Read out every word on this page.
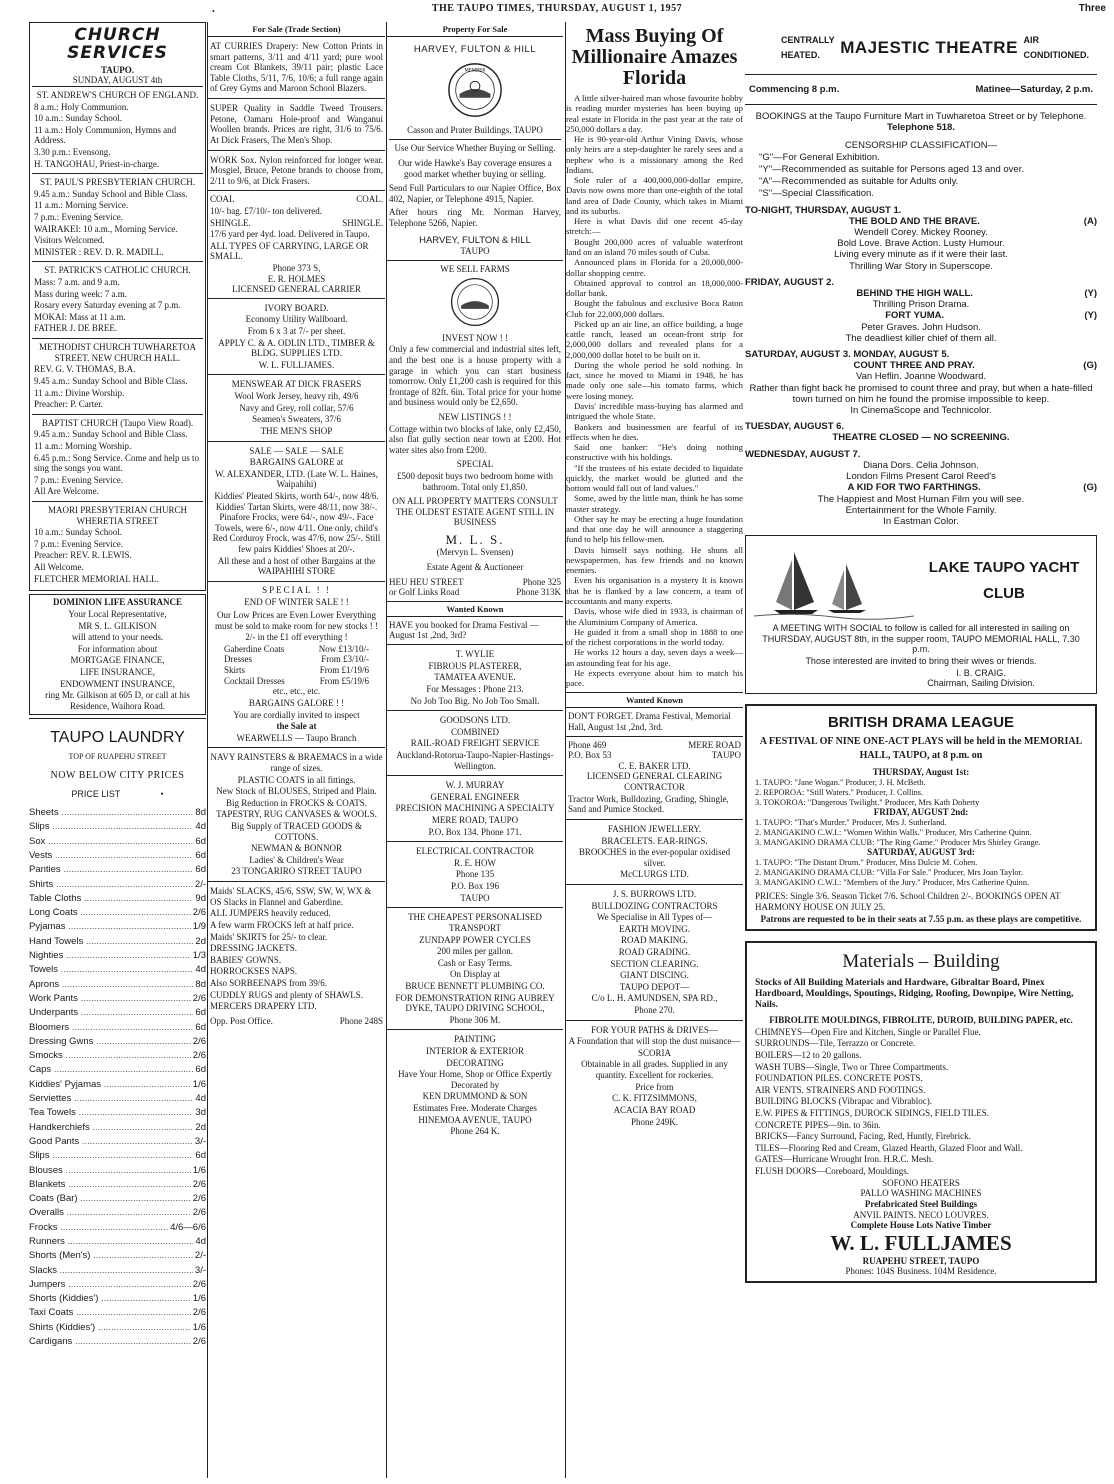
•	THE TAUPO TIMES, THURSDAY, AUGUST 1, 1957	Three
CHURCH SERVICES
TAUPO.
SUNDAY, AUGUST 4th
ST. ANDREW'S CHURCH OF ENGLAND.

8 a.m.: Holy Communion.

10 a.m.: Sunday School.

11 a.m.: Holy Communion, Hymns and Address.

3.30 p.m.: Evensong.

H. TANGOHAU, Priest-in-charge.

ST. PAUL'S PRESBYTERIAN CHURCH.

9.45 a.m.: Sunday School and Bible Class.

11 a.m.: Morning Service.

7 p.m.: Evening Service.

WAIRAKEI: 10 a.m., Morning Service.

Visitors Welcomed.

MINISTER : REV. D. R. MADILL.

ST. PATRICK'S CATHOLIC CHURCH.

Mass: 7 a.m. and 9 a.m.

Mass during week: 7 a.m.

Rosary every Saturday evening at 7 p.m.

MOKAI: Mass at 11 a.m.

FATHER J. DE BREE.

METHODIST CHURCH TUWHARETOA STREET. NEW CHURCH HALL.

REV. G. V. THOMAS, B.A.

9.45 a.m.: Sunday School and Bible Class.

11 a.m.: Divine Worship.

Preacher: P. Carter.

BAPTIST CHURCH (Taupo View Road).

9.45 a.m.: Sunday School and Bible Class.

11 a.m.: Morning Worship.

6.45 p.m.: Song Service. Come and help us to sing the songs you want.

7 p.m.: Evening Service.

All Are Welcome.

MAORI PRESBYTERIAN CHURCH WHERETIA STREET

10 a.m.: Sunday School.

7 p.m.: Evening Service.

Preacher: REV. R. LEWIS.

All Welcome.

FLETCHER MEMORIAL HALL.

DOMINION LIFE ASSURANCE

Your Local Representative,

MR S. L. GILKISON

will attend to your needs.

For information about

MORTGAGE FINANCE,

LIFE INSURANCE,

ENDOWMENT INSURANCE,

ring Mr. Gilkison at 605 D, or call at his Residence, Waihora Road.

TAUPO LAUNDRY
TOP OF RUAPEHU STREET
NOW BELOW CITY PRICES
PRICE LIST	•
Sheets .....	8d
Slips .....	4d
Sox .....	6d
Vests .....	6d
Panties .....	6d
Shirts .....	2/-
Table Cloths .....	9d
Long Coats .....	2/6
Pyjamas .....	1/9
Hand Towels .....	2d
Nighties .....	1/3
Towels .....	4d
Aprons .....	8d
Work Pants .....	2/6
Underpants .....	6d
Bloomers .....	6d
Dressing Gwns .....	2/6
Smocks .....	2/6
Caps .....	6d
Kiddies' Pyjamas .....	1/6
Serviettes .....	4d
Tea Towels .....	3d
Handkerchiefs .....	2d
Good Pants .....	3/-
Slips .....	6d
Blouses .....	1/6
Blankets .....	2/6
Coats (Bar) .....	2/6
Overalls .....	2/6
Frocks .....	4/6—6/6
Runners .....	4d
Shorts (Men's) .....	2/-
Slacks .....	3/-
Jumpers .....	2/6
Shorts (Kiddies') .....	1/6
Taxi Coats .....	2/6
Shirts (Kiddies') .....	1/6
Cardigans .....	2/6
For Sale (Trade Section)

AT CURRIES Drapery: New Cotton Prints in smart patterns, 3/11 and 4/11 yard; pure wool cream Cot Blankets, 39/11 pair; plastic Lace Table Cloths, 5/11, 7/6, 10/6; a full range again of Grey Gyms and Maroon School Blazers.

SUPER Quality in Saddle Tweed Trousers. Petone, Oamaru Hole-proof and Wanganui Woollen brands. Prices are right, 31/6 to 75/6. At Dick Frasers, The Men's Shop.

WORK Sox. Nylon reinforced for longer wear. Mosgiel, Bruce, Petone brands to choose from, 2/11 to 9/6, at Dick Frasers.

COAL	COAL.

10/- bag. £7/10/- ton delivered.

SHINGLE.	SHINGLE.

17/6 yard per 4yd. load. Delivered in Taupo.

ALL TYPES OF CARRYING, LARGE OR SMALL.

Phone 373 S,
E. R. HOLMES
LICENSED GENERAL CARRIER

IVORY BOARD.

Economy Utility Wallboard.

From 6 x 3 at 7/- per sheet.

APPLY C. & A. ODLIN LTD., TIMBER & BLDG. SUPPLIES LTD.

W. L. FULLJAMES.

MENSWEAR AT DICK FRASERS

Wool Work Jersey, heavy rib, 49/6

Navy and Grey, roll collar, 57/6

Seamen's Sweaters, 37/6

THE MEN'S SHOP

SALE — SALE — SALE

BARGAINS GALORE at

W. ALEXANDER, LTD. (Late W. L. Haines, Waipahihi)

Kiddies' Pleated Skirts, worth 64/-, now 48/6. Kiddies' Tartan Skirts, were 48/11, now 38/-. Pinafore Frocks, were 64/-, now 49/-. Face Towels, were 6/-, now 4/11. One only, child's Red Corduroy Frock, was 47/6, now 25/-. Still few pairs Kiddies' Shoes at 20/-.

All these and a host of other Bargains at the WAIPAHIHI STORE

SPECIAL ! !
END OF WINTER SALE ! !

Our Low Prices are Even Lower Everything must be sold to make room for new stocks ! !

2/- in the £1 off everything !

Gaberdine Coats	Now £13/10/-
Dresses	From £3/10/-
Skirts	From £1/19/6
Cocktail Dresses	From £5/19/6
etc., etc., etc.

BARGAINS GALORE ! !

You are cordially invited to inspect

the Sale at

WEARWELLS — Taupo Branch

NAVY RAINSTERS & BRAEMACS in a wide range of sizes.

PLASTIC COATS in all fittings.

New Stock of BLOUSES, Striped and Plain.

Big Reduction in FROCKS & COATS.

TAPESTRY, RUG CANVASES & WOOLS.

Big Supply of TRACED GOODS & COTTONS.

NEWMAN & BONNOR

Ladies' & Children's Wear

23 TONGARIRO STREET TAUPO

Maids' SLACKS, 45/6, SSW, SW, W, WX & OS Slacks in Flannel and Gaberdine.

ALL JUMPERS heavily reduced.

A few warm FROCKS left at half price.

Maids' SKIRTS for 25/- to clear.

DRESSING JACKETS.

BABIES' GOWNS.

HORROCKSES NAPS.

Also SORBEENAPS from 39/6.

CUDDLY RUGS and plenty of SHAWLS.

MERCERS DRAPERY LTD.

Opp. Post Office.	Phone 248S
Property For Sale
HARVEY, FULTON & HILL
MEMBER

Casson and Prater Buildings, TAUPO

Use Our Service Whether Buying or Selling.

Our wide Hawke's Bay coverage ensures a good market whether buying or selling.

Send Full Particulars to our Napier Office, Box 402, Napier, or Telephone 4915, Napier.

After hours ring Mr. Norman Harvey, Telephone 5266, Napier.

HARVEY, FULTON & HILL
TAUPO
WE SELL FARMS
INVEST NOW ! !

Only a few commercial and industrial sites left, and the best one is a house property with a garage in which you can start business tomorrow. Only £1,200 cash is required for this frontage of 82ft. 6in. Total price for your home and business would only be £2,650.

NEW LISTINGS ! !

Cottage within two blocks of lake, only £2,450, also flat gully section near town at £200. Hot water sites also from £200.

SPECIAL

£500 deposit buys two bedroom home with bathroom. Total only £1,850.

ON ALL PROPERTY MATTERS CONSULT THE OLDEST ESTATE AGENT STILL IN BUSINESS

M. L. S.
(Mervyn L. Svensen)
Estate Agent & Auctioneer
HEU HEU STREET	Phone 325
or Golf Links Road	Phone 313K
Wanted Known

HAVE you booked for Drama Festival — August 1st ,2nd, 3rd?

T. WYLIE

FIBROUS PLASTERER,

TAMATEA AVENUE.

For Messages : Phone 213.

No Job Too Big. No Job Too Small.

GOODSONS LTD.

COMBINED

RAIL-ROAD FREIGHT SERVICE

Auckland-Rotorua-Taupo-Napier-Hastings-Wellington.

W. J. MURRAY

GENERAL ENGINEER

PRECISION MACHINING A SPECIALTY

MERE ROAD, TAUPO

P.O. Box 134. Phone 171.

ELECTRICAL CONTRACTOR

R. E. HOW

Phone 135

P.O. Box 196

TAUPO

THE CHEAPEST PERSONALISED TRANSPORT

ZUNDAPP POWER CYCLES

200 miles per gallon.

Cash or Easy Terms.

On Display at

BRUCE BENNETT PLUMBING CO.

FOR DEMONSTRATION RING AUBREY DYKE, TAUPO DRIVING SCHOOL,

Phone 306 M.

PAINTING

INTERIOR & EXTERIOR

DECORATING

Have Your Home, Shop or Office Expertly Decorated by

KEN DRUMMOND & SON

Estimates Free. Moderate Charges

HINEMOA AVENUE, TAUPO

Phone 264 K.

Mass Buying Of Millionaire Amazes Florida

A little silver-haired man whose favourite hobby is reading murder mysteries has been buying up real estate in Florida in the past year at the rate of 250,000 dollars a day.

He is 90-year-old Arthur Vining Davis, whose only heirs are a step-daughter he rarely sees and a nephew who is a missionary among the Red Indians.

Sole ruler of a 400,000,000-dollar empire, Davis now owns more than one-eighth of the total land area of Dade County, which takes in Miami and its suburbs.

Here is what Davis did one recent 45-day stretch:—

Bought 200,000 acres of valuable waterfront land on an island 70 miles south of Cuba.

Announced plans in Florida for a 20,000,000-dollar shopping centre.

Obtained approval to control an 18,000,000-dollar bank.

Bought the fabulous and exclusive Boca Raton Club for 22,000,000 dollars.

Picked up an air line, an office building, a huge cattle ranch, leased an ocean-front strip for 2,000,000 dollars and revealed plans for a 2,000,000 dollar hotel to be built on it.

During the whole period he sold nothing. In fact, since he moved to Miami in 1948, he has made only one sale—his tomato farms, which were losing money.

Davis' incredible mass-buying has alarmed and intrigued the whole State.

Bankers and businessmen are fearful of its effects when he dies.

Said one banker: "He's doing nothing constructive with his holdings.

"If the trustees of his estate decided to liquidate quickly, the market would be glutted and the bottom would fall out of land values."

Some, awed by the little man, think he has some master strategy.

Other say he may be erecting a huge foundation and that one day he will announce a staggering fund to help his fellow-men.

Davis himself says nothing. He shuns all newspapermen, has few friends and no known enemies.

Even his organisation is a mystery It is known that he is flanked by a law concern, a team of accountants and many experts.

Davis, whose wife died in 1933, is chairman of the Aluminium Company of America.

He guided it from a small shop in 1888 to one of the richest corporations in the world today.

He works 12 hours a day, seven days a week—an astounding feat for his age.

He expects everyone about him to match his pace.

Wanted Known

DON'T FORGET. Drama Festival, Memorial Hall, August 1st ,2nd, 3rd.

Phone 469	MERE ROAD
P.O. Box 53	TAUPO
C. E. BAKER LTD.
LICENSED GENERAL CLEARING CONTRACTOR

Tractor Work, Bulldozing, Grading, Shingle, Sand and Pumice Stocked.

FASHION JEWELLERY.

BRACELETS. EAR-RINGS.

BROOCHES in the ever-popular oxidised silver.

McCLURGS LTD.

J. S. BURROWS LTD.

BULLDOZING CONTRACTORS

We Specialise in All Types of—

EARTH MOVING.

ROAD MAKING.

ROAD GRADING.

SECTION CLEARING.

GIANT DISCING.

TAUPO DEPOT—

C/o L. H. AMUNDSEN, SPA RD.,

Phone 270.

FOR YOUR PATHS & DRIVES—

A Foundation that will stop the dust nuisance—

SCORIA

Obtainable in all grades. Supplied in any quantity. Excellent for rockeries.

Price from

C. K. FITZSIMMONS,

ACACIA BAY ROAD

Phone 249K.

CENTRALLY
HEATED.	MAJESTIC THEATRE AIR
CONDITIONED.
Commencing 8 p.m.	Matinee—Saturday, 2 p.m.
BOOKINGS at the Taupo Furniture Mart in Tuwharetoa Street or by Telephone. Telephone 518.
CENSORSHIP CLASSIFICATION—

"G"—For General Exhibition.

"Y"—Recommended as suitable for Persons aged 13 and over.

"A"—Recommended as suitable for Adults only.

"S"—Special Classification.

TO-NIGHT, THURSDAY, AUGUST 1.
THE BOLD AND THE BRAVE.	(A)
Wendell Corey. Mickey Rooney.
Bold Love. Brave Action. Lusty Humour.
Living every minute as if it were their last.
Thrilling War Story in Superscope.
FRIDAY, AUGUST 2.
BEHIND THE HIGH WALL.	(Y)
Thrilling Prison Drama.
FORT YUMA.	(Y)
Peter Graves. John Hudson.
The deadliest killer chief of them all.
SATURDAY, AUGUST 3. MONDAY, AUGUST 5.
COUNT THREE AND PRAY.	(G)
Van Heflin. Joanne Woodward.
Rather than fight back he promised to count three and pray, but when a hate-filled town turned on him he found the promise impossible to keep.
In CinemaScope and Technicolor.
TUESDAY, AUGUST 6.
THEATRE CLOSED — NO SCREENING.
WEDNESDAY, AUGUST 7.
Diana Dors. Celia Johnson.
London Films Present Carol Reed's
A KID FOR TWO FARTHINGS.	(G)
The Happiest and Most Human Film you will see.
Entertainment for the Whole Family.
In Eastman Color.
LAKE TAUPO YACHT
CLUB

A MEETING WITH SOCIAL to follow is called for all interested in sailing on THURSDAY, AUGUST 8th, in the supper room, TAUPO MEMORIAL HALL, 7.30 p.m.

Those interested are invited to bring their wives or friends.

I. B. CRAIG.
Chairman, Sailing Division.
BRITISH DRAMA LEAGUE

A FESTIVAL OF NINE ONE-ACT PLAYS will be held in the MEMORIAL HALL, TAUPO, at 8 p.m. on

THURSDAY, August 1st:
1. TAUPO: "Jane Wogan." Producer, J. H. McBeth.
2. REPOROA: "Still Waters." Producer, J. Collins.
3. TOKOROA: "Dangerous Twilight." Producer, Mrs Kath Doherty
FRIDAY, AUGUST 2nd:
1. TAUPO: "That's Murder." Producer, Mrs J. Sutherland.
2. MANGAKINO C.W.I.: "Women Within Walls." Producer, Mrs Catherine Quinn.
3. MANGAKINO DRAMA CLUB: "The Ring Game." Producer Mrs Shirley Grange.
SATURDAY, AUGUST 3rd:
1. TAUPO: "The Distant Drum." Producer, Miss Dulcie M. Cohen.
2. MANGAKINO DRAMA CLUB: "Villa For Sale." Producer, Mrs Joan Taylor.
3. MANGAKINO C.W.I.: "Members of the Jury." Producer, Mrs Catherine Quinn.

PRICES: Single 3/6. Season Ticket 7/6. School Children 2/-. BOOKINGS OPEN AT HARMONY HOUSE ON JULY 25.

Patrons are requested to be in their seats at 7.55 p.m. as these plays are competitive.

Materials – Building

Stocks of All Building Materials and Hardware, Gibraltar Board, Pinex Hardboard, Mouldings, Spoutings, Ridging, Roofing, Downpipe, Wire Netting, Nails.

FIBROLITE MOULDINGS, FIBROLITE, DUROID, BUILDING PAPER, etc.

CHIMNEYS—Open Fire and Kitchen, Single or Parallel Flue.

SURROUNDS—Tile, Terrazzo or Concrete.

BOILERS—12 to 20 gallons.

WASH TUBS—Single, Two or Three Compartments.

FOUNDATION PILES. CONCRETE POSTS.

AIR VENTS. STRAINERS AND FOOTINGS.

BUILDING BLOCKS (Vibrapac and Vibrabloc).

E.W. PIPES & FITTINGS, DUROCK SIDINGS, FIELD TILES.

CONCRETE PIPES—9in. to 36in.

BRICKS—Fancy Surround, Facing, Red, Huntly, Firebrick.

TILES—Flooring Red and Cream, Glazed Hearth, Glazed Floor and Wall.

GATES—Hurricane Wrought Iron. H.R.C. Mesh.

FLUSH DOORS—Coreboard, Mouldings.

SOFONO HEATERS
PALLO WASHING MACHINES
Prefabricated Steel Buildings
ANVIL PAINTS. NECO LOUVRES.
Complete House Lots Native Timber
W. L. FULLJAMES
RUAPEHU STREET, TAUPO
Phones: 104S Business. 104M Residence.
